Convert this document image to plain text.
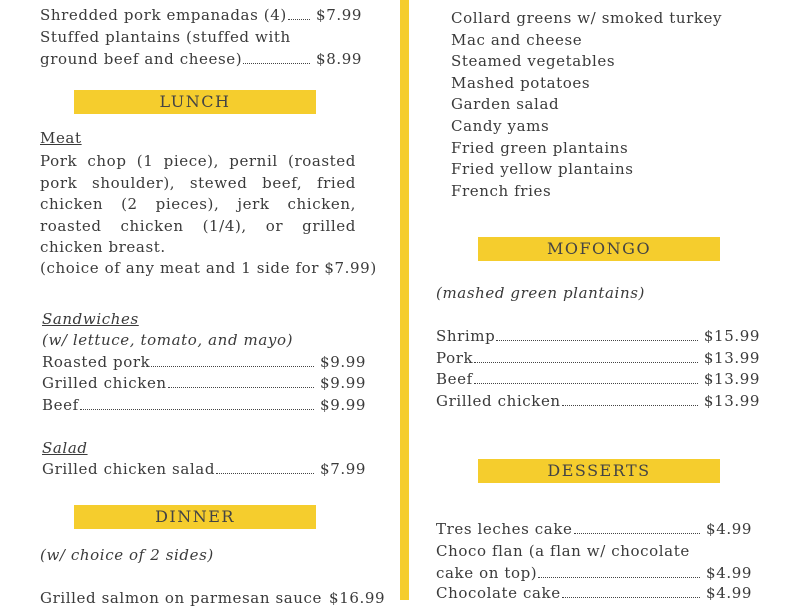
Shredded pork empanadas (4) $7.99
Stuffed plantains (stuffed with
ground beef and cheese)	$8.99
LUNCH
Meat
Pork chop (1 piece), pernil (roasted pork shoulder), stewed beef, fried chicken (2 pieces), jerk chicken, roasted chicken (1/4), or grilled chicken breast.
(choice of any meat and 1 side for $7.99)
Sandwiches
(w/ lettuce, tomato, and mayo)
Roasted pork	$9.99
Grilled chicken	$9.99
Beef	$9.99
Salad
Grilled chicken salad	$7.99
DINNER
(w/ choice of 2 sides)
Grilled salmon on parmesan sauce $16.99
Collard greens w/ smoked turkey
Mac and cheese
Steamed vegetables
Mashed potatoes
Garden salad
Candy yams
Fried green plantains
Fried yellow plantains
French fries
MOFONGO
(mashed green plantains)
Shrimp	$15.99
Pork	$13.99
Beef	$13.99
Grilled chicken	$13.99
DESSERTS
Tres leches cake	$4.99
Choco flan (a flan w/ chocolate
cake on top)	$4.99
Chocolate cake	$4.99
